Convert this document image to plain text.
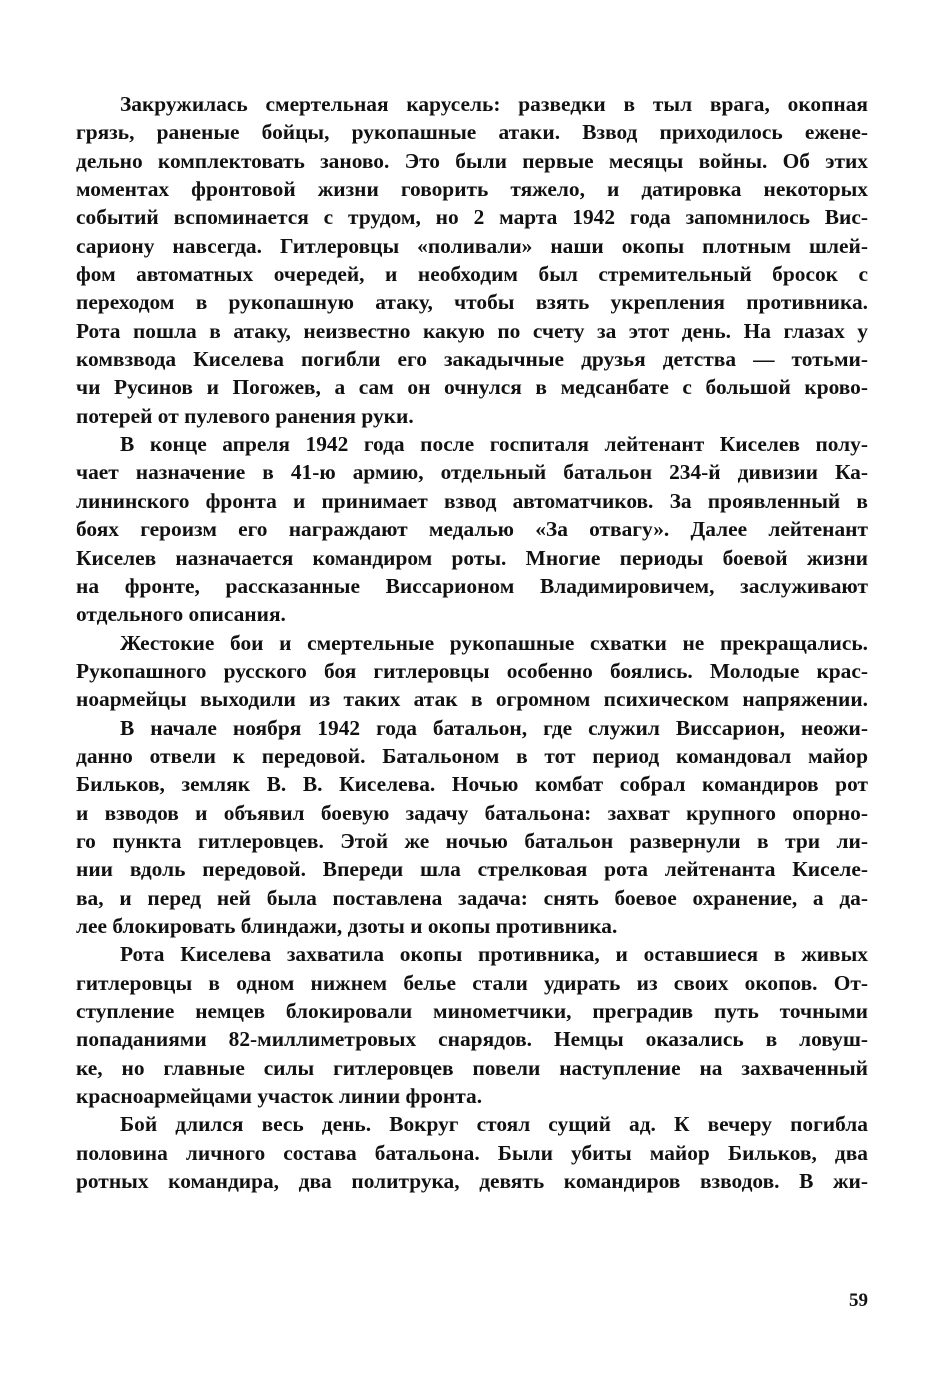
Закружилась смертельная карусель: разведки в тыл врага, окопная
грязь, раненые бойцы, рукопашные атаки. Взвод приходилось еженe-
дельно комплектовать заново. Это были первые месяцы войны. Об этих
моментах фронтовой жизни говорить тяжело, и датировка некоторых
событий вспоминается с трудом, но 2 марта 1942 года запомнилось Вис-
сариону навсегда. Гитлеровцы «поливали» наши окопы плотным шлей-
фом автоматных очередей, и необходим был стремительный бросок с
переходом в рукопашную атаку, чтобы взять укрепления противника.
Рота пошла в атаку, неизвестно какую по счету за этот день. На глазах у
комвзвода Киселева погибли его закадычные друзья детства — тотьми-
чи Русинов и Погожев, а сам он очнулся в медсанбате с большой крово-
потерей от пулевого ранения руки.
В конце апреля 1942 года после госпиталя лейтенант Киселев полу-
чает назначение в 41-ю армию, отдельный батальон 234-й дивизии Ка-
лининского фронта и принимает взвод автоматчиков. За проявленный в
боях героизм его награждают медалью «За отвагу». Далее лейтенант
Киселев назначается командиром роты. Многие периоды боевой жизни
на фронте, рассказанные Виссарионом Владимировичем, заслуживают
отдельного описания.
Жестокие бои и смертельные рукопашные схватки не прекращались.
Рукопашного русского боя гитлеровцы особенно боялись. Молодые крас-
ноармейцы выходили из таких атак в огромном психическом напряжении.
В начале ноября 1942 года батальон, где служил Виссарион, неожи-
данно отвели к передовой. Батальоном в тот период командовал майор
Бильков, земляк В. В. Киселева. Ночью комбат собрал командиров рот
и взводов и объявил боевую задачу батальона: захват крупного опорно-
го пункта гитлеровцев. Этой же ночью батальон развернули в три ли-
нии вдоль передовой. Впереди шла стрелковая рота лейтенанта Киселе-
ва, и перед ней была поставлена задача: снять боевое охранение, а да-
лее блокировать блиндажи, дзоты и окопы противника.
Рота Киселева захватила окопы противника, и оставшиеся в живых
гитлеровцы в одном нижнем белье стали удирать из своих окопов. От-
ступление немцев блокировали минометчики, преградив путь точными
попаданиями 82-миллиметровых снарядов. Немцы оказались в ловуш-
ке, но главные силы гитлеровцев повели наступление на захваченный
красноармейцами участок линии фронта.
Бой длился весь день. Вокруг стоял сущий ад. К вечеру погибла
половина личного состава батальона. Были убиты майор Бильков, два
ротных командира, два политрука, девять командиров взводов. В жи-
59
